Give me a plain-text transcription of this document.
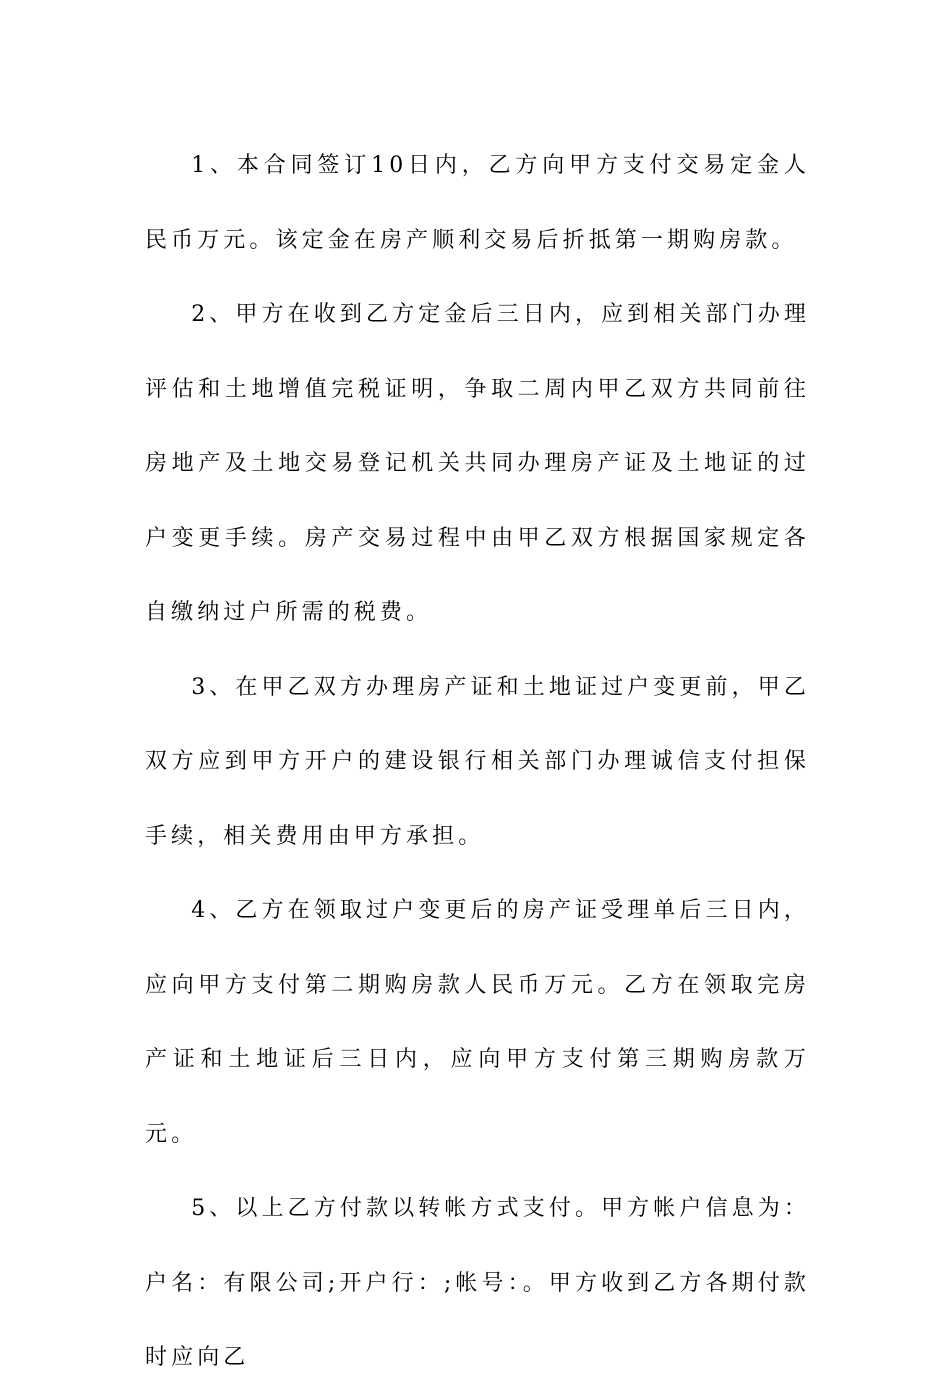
1、本合同签订10日内，乙方向甲方支付交易定金人民币万元。该定金在房产顺利交易后折抵第一期购房款。

2、甲方在收到乙方定金后三日内，应到相关部门办理评估和土地增值完税证明，争取二周内甲乙双方共同前往房地产及土地交易登记机关共同办理房产证及土地证的过户变更手续。房产交易过程中由甲乙双方根据国家规定各自缴纳过户所需的税费。

3、在甲乙双方办理房产证和土地证过户变更前，甲乙双方应到甲方开户的建设银行相关部门办理诚信支付担保手续，相关费用由甲方承担。

4、乙方在领取过户变更后的房产证受理单后三日内，应向甲方支付第二期购房款人民币万元。乙方在领取完房产证和土地证后三日内，应向甲方支付第三期购房款万元。

5、以上乙方付款以转帐方式支付。甲方帐户信息为：户名：有限公司;开户行：;帐号：。甲方收到乙方各期付款时应向乙
